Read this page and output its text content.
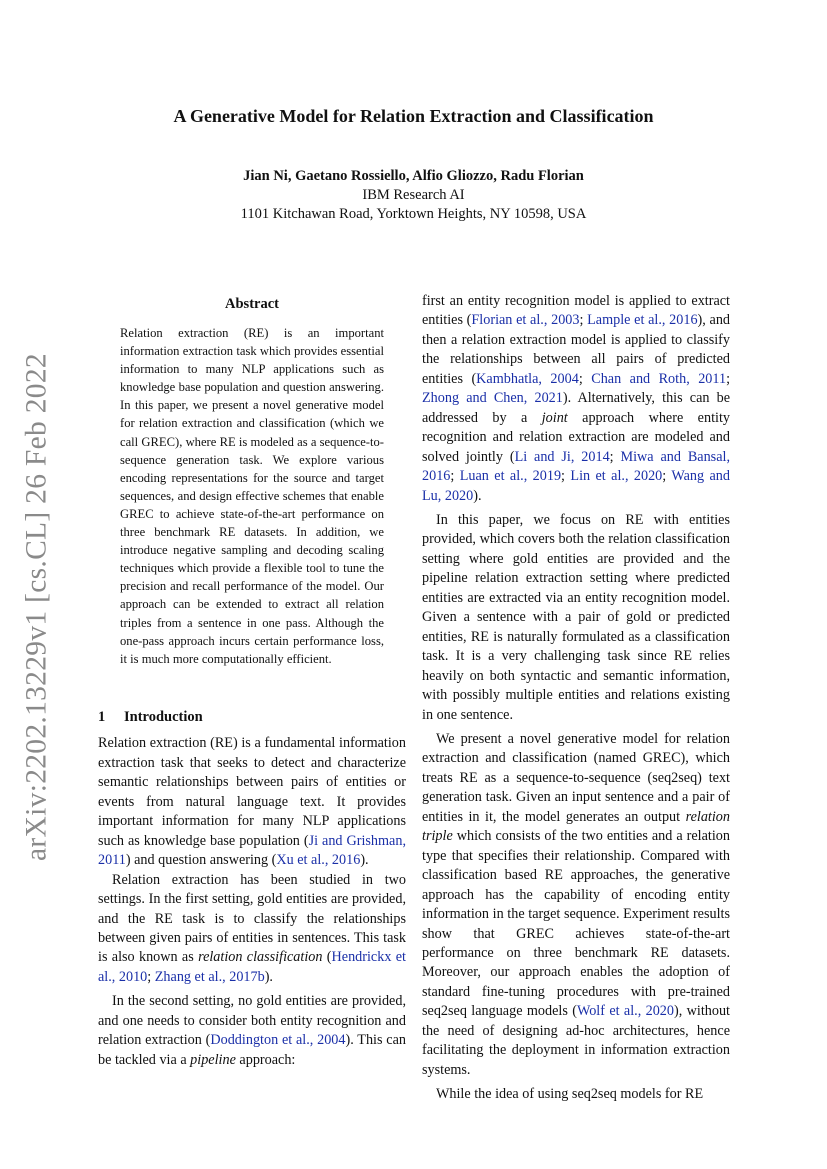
arXiv:2202.13229v1 [cs.CL] 26 Feb 2022
A Generative Model for Relation Extraction and Classification
Jian Ni, Gaetano Rossiello, Alfio Gliozzo, Radu Florian
IBM Research AI
1101 Kitchawan Road, Yorktown Heights, NY 10598, USA
Abstract
Relation extraction (RE) is an important information extraction task which provides essential information to many NLP applications such as knowledge base population and question answering. In this paper, we present a novel generative model for relation extraction and classification (which we call GREC), where RE is modeled as a sequence-to-sequence generation task. We explore various encoding representations for the source and target sequences, and design effective schemes that enable GREC to achieve state-of-the-art performance on three benchmark RE datasets. In addition, we introduce negative sampling and decoding scaling techniques which provide a flexible tool to tune the precision and recall performance of the model. Our approach can be extended to extract all relation triples from a sentence in one pass. Although the one-pass approach incurs certain performance loss, it is much more computationally efficient.
1 Introduction

Relation extraction (RE) is a fundamental information extraction task that seeks to detect and characterize semantic relationships between pairs of entities or events from natural language text. It provides important information for many NLP applications such as knowledge base population (Ji and Grishman, 2011) and question answering (Xu et al., 2016).

Relation extraction has been studied in two settings. In the first setting, gold entities are provided, and the RE task is to classify the relationships between given pairs of entities in sentences. This task is also known as relation classification (Hendrickx et al., 2010; Zhang et al., 2017b).

In the second setting, no gold entities are provided, and one needs to consider both entity recognition and relation extraction (Doddington et al., 2004). This can be tackled via a pipeline approach:

first an entity recognition model is applied to extract entities (Florian et al., 2003; Lample et al., 2016), and then a relation extraction model is applied to classify the relationships between all pairs of predicted entities (Kambhatla, 2004; Chan and Roth, 2011; Zhong and Chen, 2021). Alternatively, this can be addressed by a joint approach where entity recognition and relation extraction are modeled and solved jointly (Li and Ji, 2014; Miwa and Bansal, 2016; Luan et al., 2019; Lin et al., 2020; Wang and Lu, 2020).

In this paper, we focus on RE with entities provided, which covers both the relation classification setting where gold entities are provided and the pipeline relation extraction setting where predicted entities are extracted via an entity recognition model. Given a sentence with a pair of gold or predicted entities, RE is naturally formulated as a classification task. It is a very challenging task since RE relies heavily on both syntactic and semantic information, with possibly multiple entities and relations existing in one sentence.

We present a novel generative model for relation extraction and classification (named GREC), which treats RE as a sequence-to-sequence (seq2seq) text generation task. Given an input sentence and a pair of entities in it, the model generates an output relation triple which consists of the two entities and a relation type that specifies their relationship. Compared with classification based RE approaches, the generative approach has the capability of encoding entity information in the target sequence. Experiment results show that GREC achieves state-of-the-art performance on three benchmark RE datasets. Moreover, our approach enables the adoption of standard fine-tuning procedures with pre-trained seq2seq language models (Wolf et al., 2020), without the need of designing ad-hoc architectures, hence facilitating the deployment in information extraction systems.

While the idea of using seq2seq models for RE
